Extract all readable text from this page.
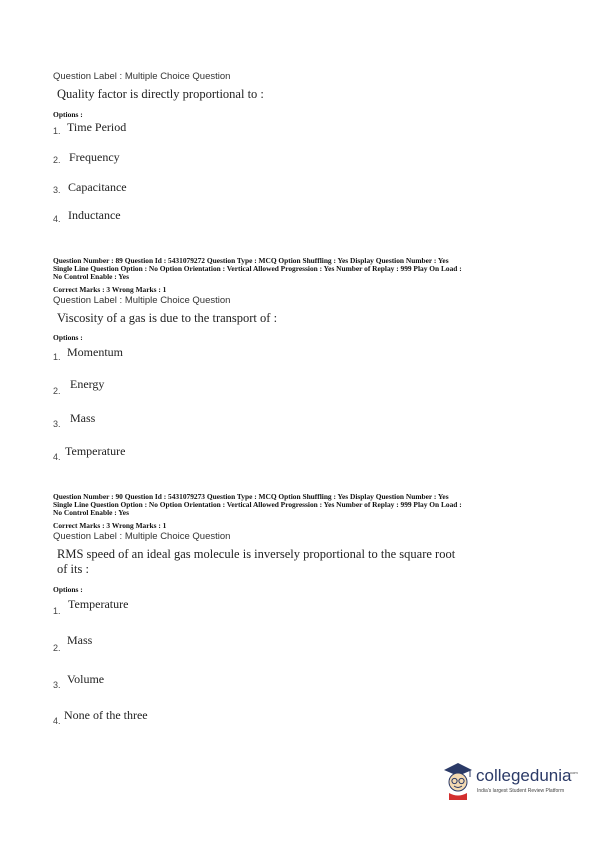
Question Label : Multiple Choice Question
Quality factor is directly proportional to :
Options :
1. Time Period
2. Frequency
3. Capacitance
4. Inductance
Question Number : 89 Question Id : 5431079272 Question Type : MCQ Option Shuffling : Yes Display Question Number : Yes
Single Line Question Option : No Option Orientation : Vertical Allowed Progression : Yes Number of Replay : 999 Play On Load :
No Control Enable : Yes
Correct Marks : 3 Wrong Marks : 1
Question Label : Multiple Choice Question
Viscosity of a gas is due to the transport of :
Options :
1. Momentum
2. Energy
3. Mass
4. Temperature
Question Number : 90 Question Id : 5431079273 Question Type : MCQ Option Shuffling : Yes Display Question Number : Yes
Single Line Question Option : No Option Orientation : Vertical Allowed Progression : Yes Number of Replay : 999 Play On Load :
No Control Enable : Yes
Correct Marks : 3 Wrong Marks : 1
Question Label : Multiple Choice Question
RMS speed of an ideal gas molecule is inversely proportional to the square root
of its :
Options :
1. Temperature
2.
Mass
3. Volume
4. None of the three
collegedunia
.com
India's largest Student Review Platform
